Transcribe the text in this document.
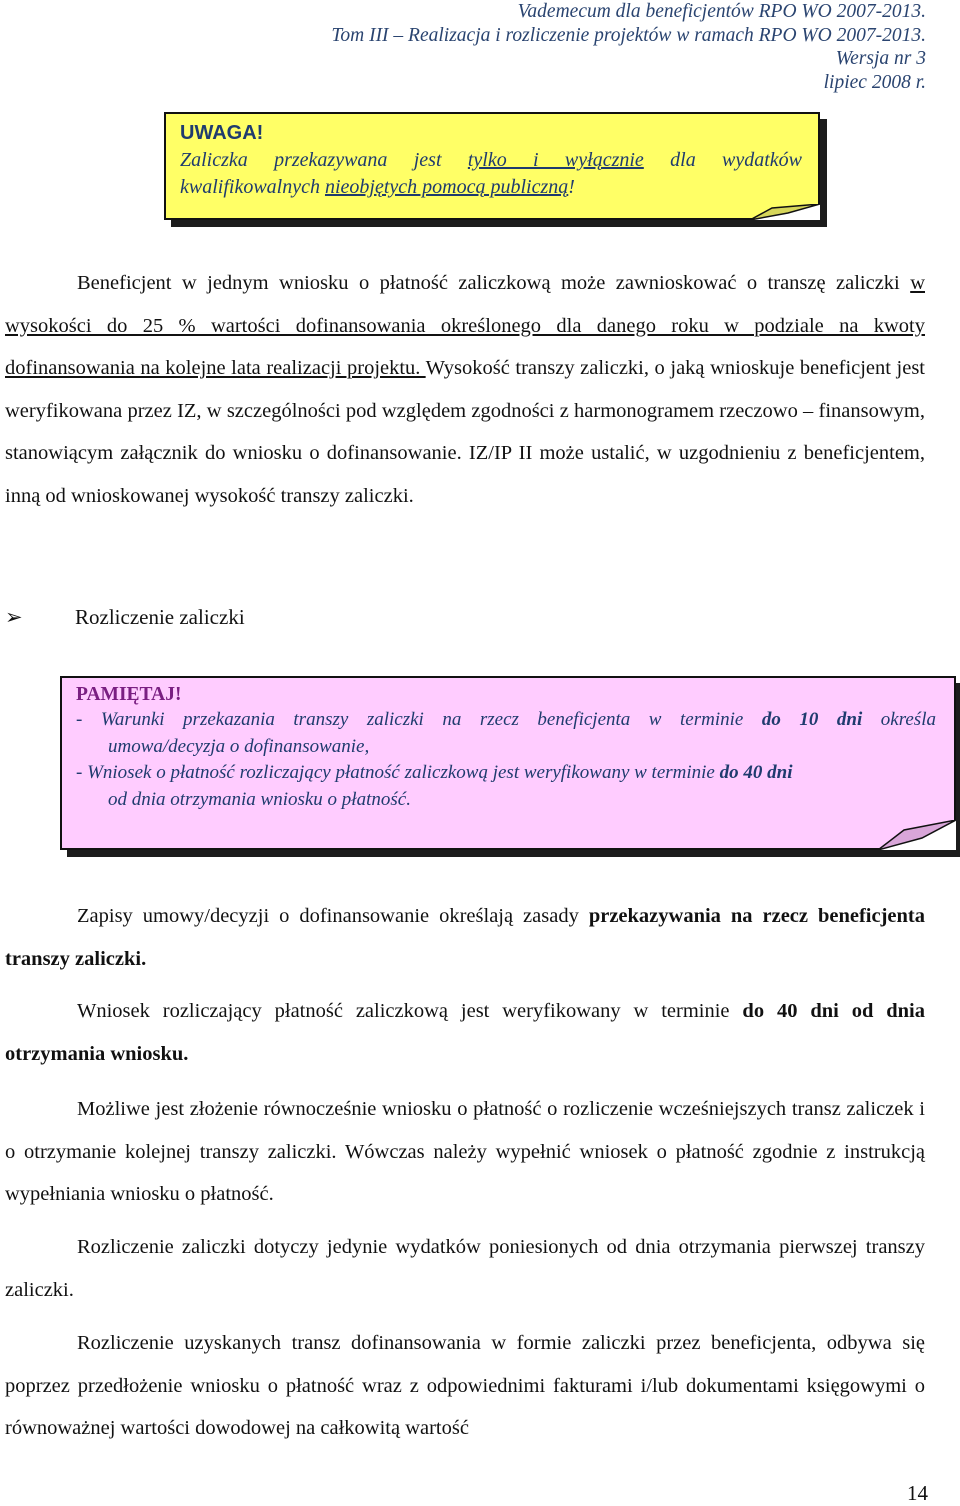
Vademecum dla beneficjentów RPO WO 2007-2013.
Tom III – Realizacja i rozliczenie projektów w ramach RPO WO 2007-2013.
Wersja nr 3
lipiec 2008 r.
UWAGA!
Zaliczka przekazywana jest tylko i wyłącznie dla wydatków
kwalifikowalnych nieobjętych pomocą publiczną!
Beneficjent w jednym wniosku o płatność zaliczkową może zawnioskować o transzę zaliczki w wysokości do 25 % wartości dofinansowania określonego dla danego roku w podziale na kwoty dofinansowania na kolejne lata realizacji projektu. Wysokość transzy zaliczki, o jaką wnioskuje beneficjent jest weryfikowana przez IZ, w szczególności pod względem zgodności z harmonogramem rzeczowo – finansowym, stanowiącym załącznik do wniosku o dofinansowanie. IZ/IP II może ustalić, w uzgodnieniu z beneficjentem, inną od wnioskowanej wysokość transzy zaliczki.
➢ Rozliczenie zaliczki
PAMIĘTAJ!
- Warunki przekazania transzy zaliczki na rzecz beneficjenta w terminie do 10 dni określa
umowa/decyzja o dofinansowanie,
- Wniosek o płatność rozliczający płatność zaliczkową jest weryfikowany w terminie do 40 dni
od dnia otrzymania wniosku o płatność.
Zapisy umowy/decyzji o dofinansowanie określają zasady przekazywania na rzecz beneficjenta transzy zaliczki.
Wniosek rozliczający płatność zaliczkową jest weryfikowany w terminie do 40 dni od dnia otrzymania wniosku.
Możliwe jest złożenie równocześnie wniosku o płatność o rozliczenie wcześniejszych transz zaliczek i o otrzymanie kolejnej transzy zaliczki. Wówczas należy wypełnić wniosek o płatność zgodnie z instrukcją wypełniania wniosku o płatność.
Rozliczenie zaliczki dotyczy jedynie wydatków poniesionych od dnia otrzymania pierwszej transzy zaliczki.
Rozliczenie uzyskanych transz dofinansowania w formie zaliczki przez beneficjenta, odbywa się poprzez przedłożenie wniosku o płatność wraz z odpowiednimi fakturami i/lub dokumentami księgowymi o równoważnej wartości dowodowej na całkowitą wartość
14
